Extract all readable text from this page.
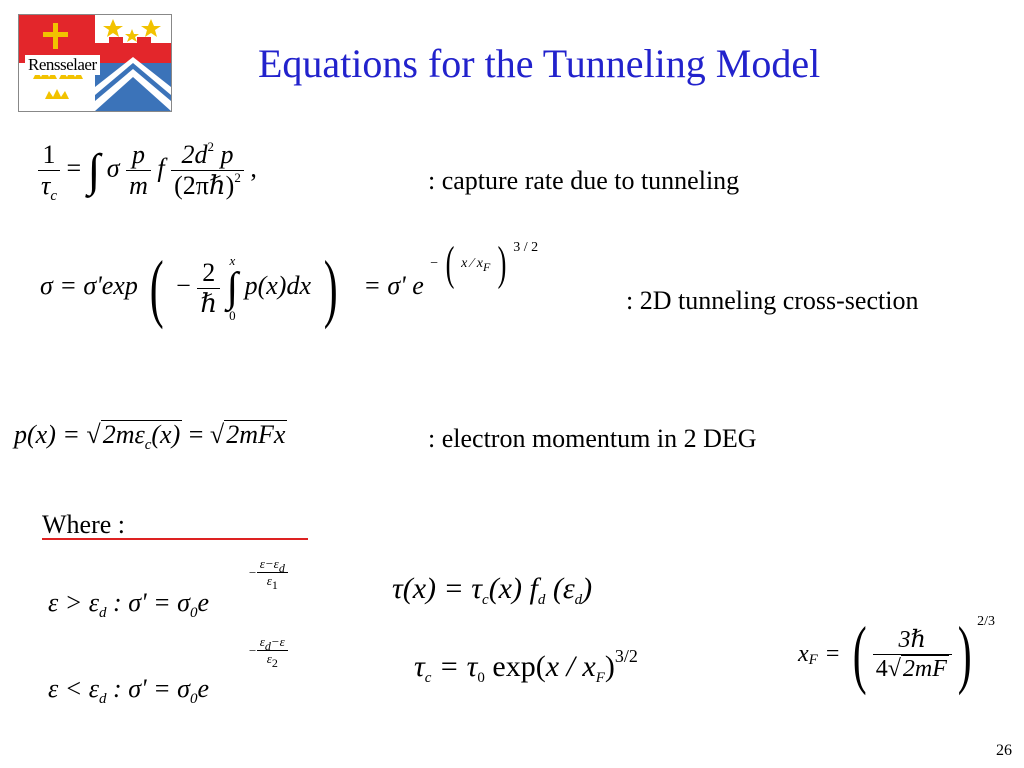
Rensselaer	Equations for the Tunneling Model
$\frac{1}{\tau_c}$ = ∫ σ $\frac{p}{m}$ f $\frac{2d^2 p}{(2\pi\hbar)^2}$ ,	: capture rate due to tunneling
σ = σ'exp ( − $\frac{2}{\text{ℏ}}$
x
∫
0
p(x)dx ) = σ' e − ( x ⁄ xF ) 3 / 2
: 2D tunneling cross-section
$p(x) = √2m\varepsilon_c(x) = √2mFx$	: electron momentum in 2 DEG
Where :
$\varepsilon > \varepsilon_d$ : $\sigma' = \sigma_0e$
− $\frac{\varepsilon-\varepsilon d}{\varepsilon 1}$
$\varepsilon < \varepsilon_d$ : $\sigma' = \sigma_0e$
− $\frac{\varepsilon d-\varepsilon}{\varepsilon 2}$
$\tau(x) = \tau_c(x)$ $f_d$ $(\varepsilon_d)$
$\tau_c = \tau_0$ $\exp(x / x_F)^{3/2}$	x F = ( $\frac{\text{3ℏ}}{4√2mF}$ ) 2/3
26
